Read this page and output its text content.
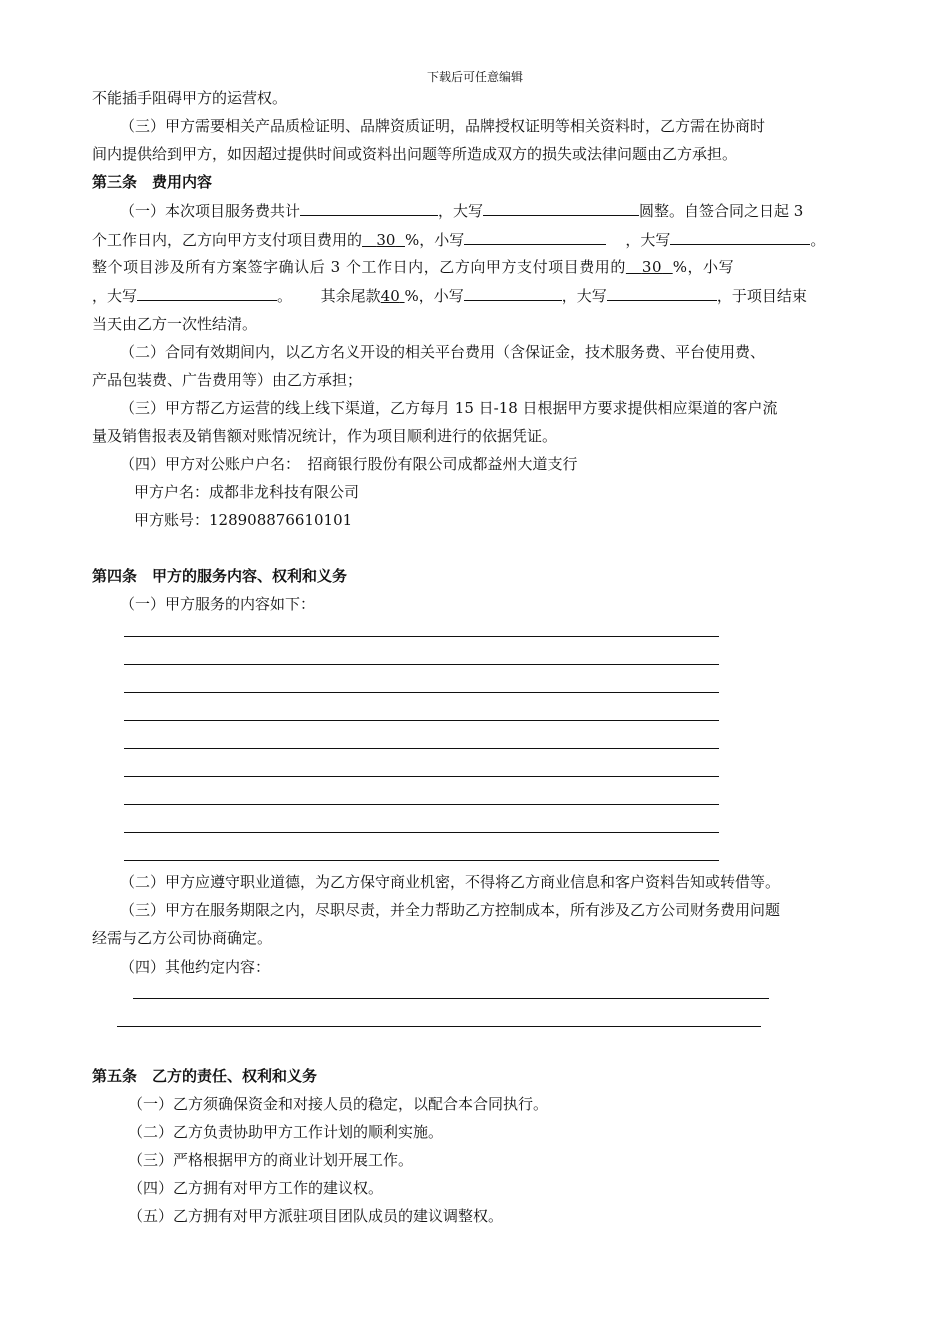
下载后可任意编辑
不能插手阻碍甲方的运营权。
（三）甲方需要相关产品质检证明、品牌资质证明，品牌授权证明等相关资料时，乙方需在协商时
间内提供给到甲方，如因超过提供时间或资料出问题等所造成双方的损失或法律问题由乙方承担。
第三条　费用内容
（一）本次项目服务费共计	，大写	圆整。自签合同之日起 3
个工作日内，乙方向甲方支付项目费用的 30 %，小写	，大写	。
整个项目涉及所有方案签字确认后 3 个工作日内，乙方向甲方支付项目费用的 30 %，小写
，大写	。 其余尾款40 %，小写	，大写	，于项目结束
当天由乙方一次性结清。
（二）合同有效期间内，以乙方名义开设的相关平台费用（含保证金，技术服务费、平台使用费、
产品包装费、广告费用等）由乙方承担；
（三）甲方帮乙方运营的线上线下渠道，乙方每月 15 日-18 日根据甲方要求提供相应渠道的客户流
量及销售报表及销售额对账情况统计，作为项目顺利进行的依据凭证。
（四）甲方对公账户户名：　招商银行股份有限公司成都益州大道支行
甲方户名：成都非龙科技有限公司
甲方账号：128908876610101
第四条　甲方的服务内容、权利和义务
（一）甲方服务的内容如下：
（二）甲方应遵守职业道德，为乙方保守商业机密，不得将乙方商业信息和客户资料告知或转借等。
（三）甲方在服务期限之内，尽职尽责，并全力帮助乙方控制成本，所有涉及乙方公司财务费用问题
经需与乙方公司协商确定。
（四）其他约定内容：
第五条　乙方的责任、权利和义务
（一）乙方须确保资金和对接人员的稳定，以配合本合同执行。
（二）乙方负责协助甲方工作计划的顺利实施。
（三）严格根据甲方的商业计划开展工作。
（四）乙方拥有对甲方工作的建议权。
（五）乙方拥有对甲方派驻项目团队成员的建议调整权。
